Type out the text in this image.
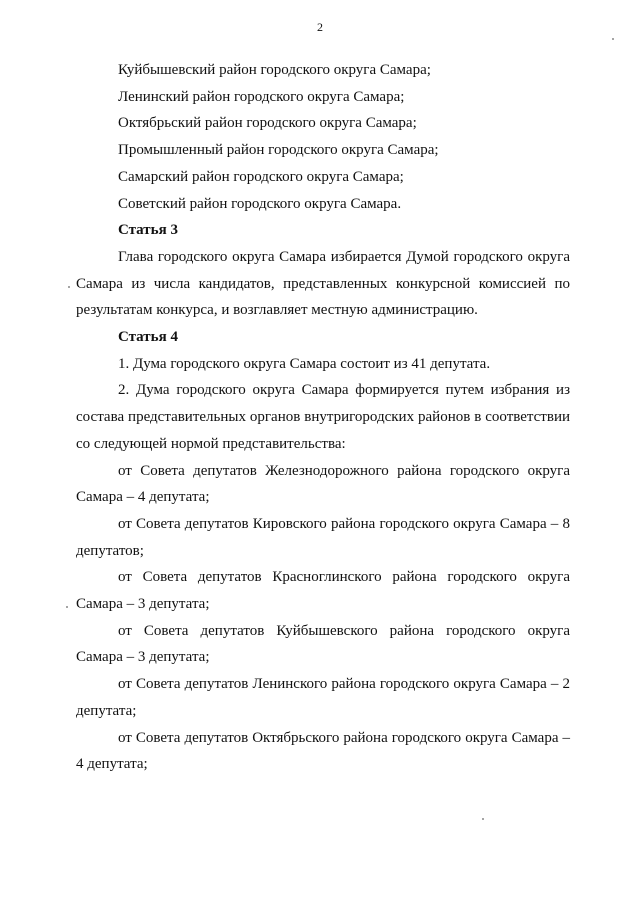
2

Куйбышевский район городского округа Самара;

Ленинский район городского округа Самара;

Октябрьский район городского округа Самара;

Промышленный район городского округа Самара;

Самарский район городского округа Самара;

Советский район городского округа Самара.

Статья 3

Глава городского округа Самара избирается Думой городского округа Самара из числа кандидатов, представленных конкурсной комиссией по результатам конкурса, и возглавляет местную администрацию.

Статья 4

1. Дума городского округа Самара состоит из 41 депутата.

2. Дума городского округа Самара формируется путем избрания из состава представительных органов внутригородских районов в соответствии со следующей нормой представительства:

от Совета депутатов Железнодорожного района городского округа Самара – 4 депутата;

от Совета депутатов Кировского района городского округа Самара – 8 депутатов;

от Совета депутатов Красноглинского района городского округа Самара – 3 депутата;

от Совета депутатов Куйбышевского района городского округа Самара – 3 депутата;

от Совета депутатов Ленинского района городского округа Самара – 2 депутата;

от Совета депутатов Октябрьского района городского округа Самара – 4 депутата;
